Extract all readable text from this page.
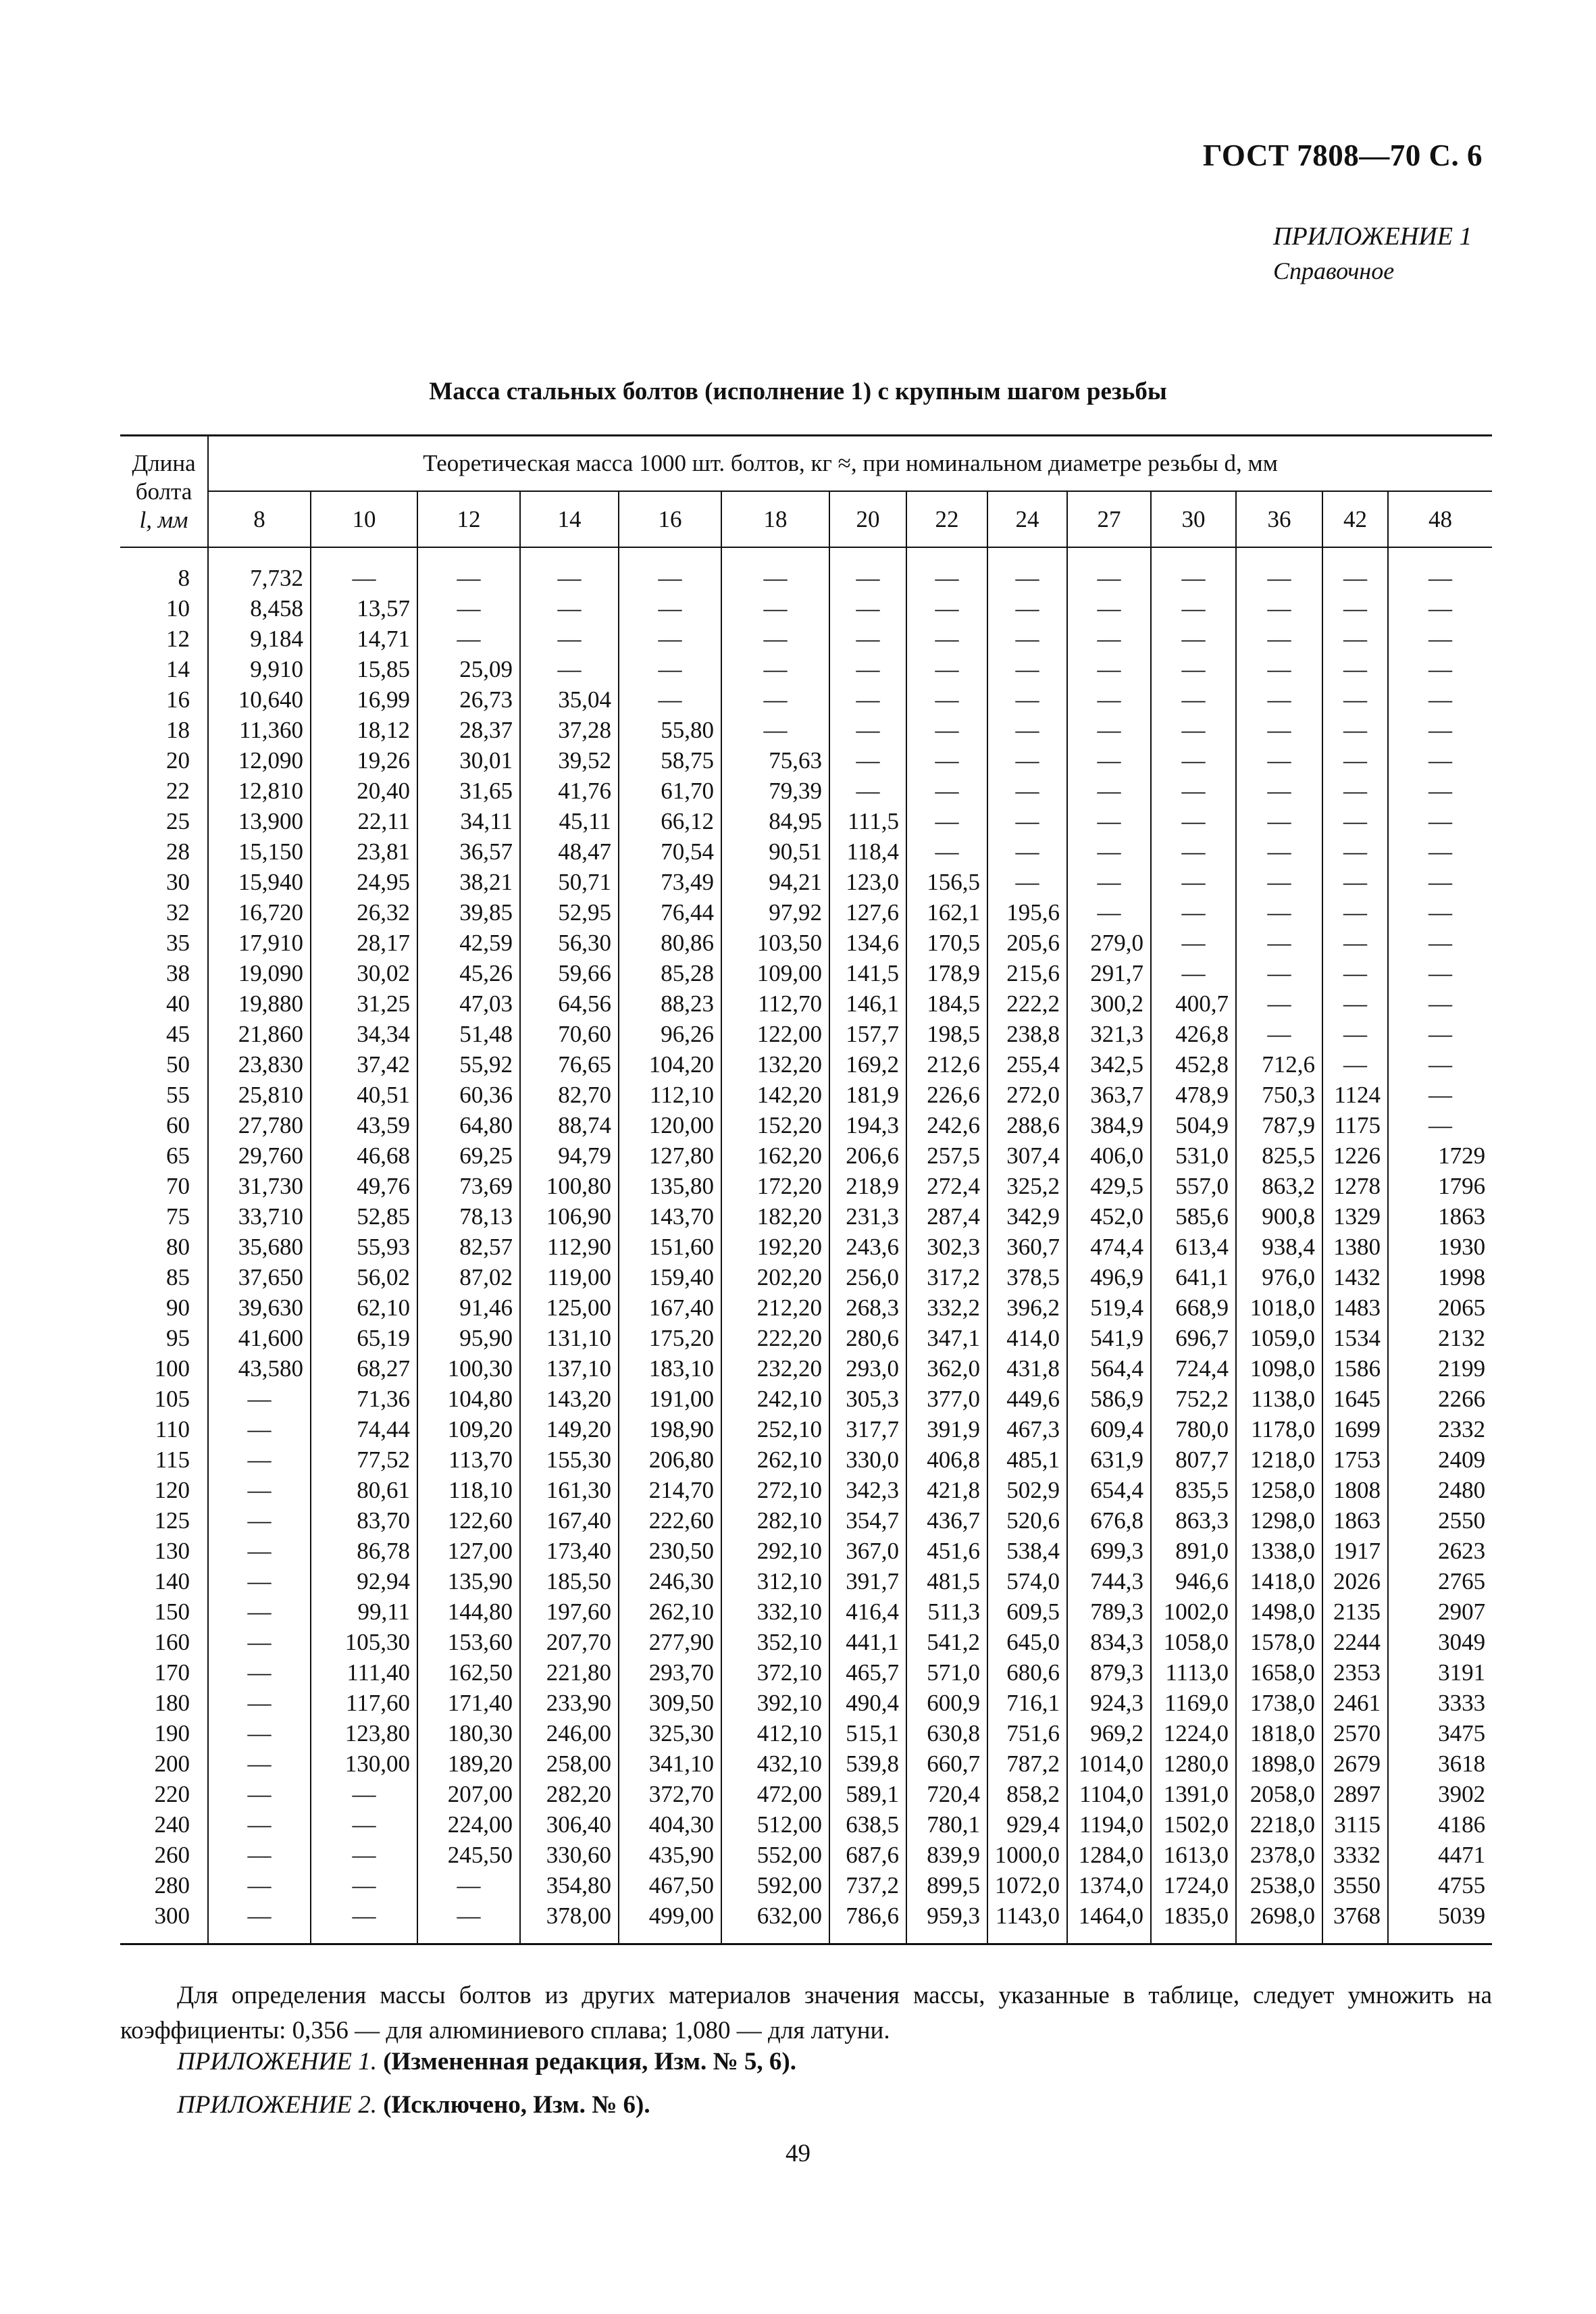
ГОСТ 7808—70 С. 6
ПРИЛОЖЕНИЕ 1
Справочное
Масса стальных болтов (исполнение 1) с крупным шагом резьбы
Длина
болта
l, мм	Теоретическая масса 1000 шт. болтов, кг ≈, при номинальном диаметре резьбы d, мм													
	8	10	12	14	16	18	20	22	24	27	30	36	42	48
8	7,732	—	—	—	—	—	—	—	—	—	—	—	—	—
10	8,458	13,57	—	—	—	—	—	—	—	—	—	—	—	—
12	9,184	14,71	—	—	—	—	—	—	—	—	—	—	—	—
14	9,910	15,85	25,09	—	—	—	—	—	—	—	—	—	—	—
16	10,640	16,99	26,73	35,04	—	—	—	—	—	—	—	—	—	—
18	11,360	18,12	28,37	37,28	55,80	—	—	—	—	—	—	—	—	—
20	12,090	19,26	30,01	39,52	58,75	75,63	—	—	—	—	—	—	—	—
22	12,810	20,40	31,65	41,76	61,70	79,39	—	—	—	—	—	—	—	—
25	13,900	22,11	34,11	45,11	66,12	84,95	111,5	—	—	—	—	—	—	—
28	15,150	23,81	36,57	48,47	70,54	90,51	118,4	—	—	—	—	—	—	—
30	15,940	24,95	38,21	50,71	73,49	94,21	123,0	156,5	—	—	—	—	—	—
32	16,720	26,32	39,85	52,95	76,44	97,92	127,6	162,1	195,6	—	—	—	—	—
35	17,910	28,17	42,59	56,30	80,86	103,50	134,6	170,5	205,6	279,0	—	—	—	—
38	19,090	30,02	45,26	59,66	85,28	109,00	141,5	178,9	215,6	291,7	—	—	—	—
40	19,880	31,25	47,03	64,56	88,23	112,70	146,1	184,5	222,2	300,2	400,7	—	—	—
45	21,860	34,34	51,48	70,60	96,26	122,00	157,7	198,5	238,8	321,3	426,8	—	—	—
50	23,830	37,42	55,92	76,65	104,20	132,20	169,2	212,6	255,4	342,5	452,8	712,6	—	—
55	25,810	40,51	60,36	82,70	112,10	142,20	181,9	226,6	272,0	363,7	478,9	750,3	1124	—
60	27,780	43,59	64,80	88,74	120,00	152,20	194,3	242,6	288,6	384,9	504,9	787,9	1175	—
65	29,760	46,68	69,25	94,79	127,80	162,20	206,6	257,5	307,4	406,0	531,0	825,5	1226	1729
70	31,730	49,76	73,69	100,80	135,80	172,20	218,9	272,4	325,2	429,5	557,0	863,2	1278	1796
75	33,710	52,85	78,13	106,90	143,70	182,20	231,3	287,4	342,9	452,0	585,6	900,8	1329	1863
80	35,680	55,93	82,57	112,90	151,60	192,20	243,6	302,3	360,7	474,4	613,4	938,4	1380	1930
85	37,650	56,02	87,02	119,00	159,40	202,20	256,0	317,2	378,5	496,9	641,1	976,0	1432	1998
90	39,630	62,10	91,46	125,00	167,40	212,20	268,3	332,2	396,2	519,4	668,9	1018,0	1483	2065
95	41,600	65,19	95,90	131,10	175,20	222,20	280,6	347,1	414,0	541,9	696,7	1059,0	1534	2132
100	43,580	68,27	100,30	137,10	183,10	232,20	293,0	362,0	431,8	564,4	724,4	1098,0	1586	2199
105	—	71,36	104,80	143,20	191,00	242,10	305,3	377,0	449,6	586,9	752,2	1138,0	1645	2266
110	—	74,44	109,20	149,20	198,90	252,10	317,7	391,9	467,3	609,4	780,0	1178,0	1699	2332
115	—	77,52	113,70	155,30	206,80	262,10	330,0	406,8	485,1	631,9	807,7	1218,0	1753	2409
120	—	80,61	118,10	161,30	214,70	272,10	342,3	421,8	502,9	654,4	835,5	1258,0	1808	2480
125	—	83,70	122,60	167,40	222,60	282,10	354,7	436,7	520,6	676,8	863,3	1298,0	1863	2550
130	—	86,78	127,00	173,40	230,50	292,10	367,0	451,6	538,4	699,3	891,0	1338,0	1917	2623
140	—	92,94	135,90	185,50	246,30	312,10	391,7	481,5	574,0	744,3	946,6	1418,0	2026	2765
150	—	99,11	144,80	197,60	262,10	332,10	416,4	511,3	609,5	789,3	1002,0	1498,0	2135	2907
160	—	105,30	153,60	207,70	277,90	352,10	441,1	541,2	645,0	834,3	1058,0	1578,0	2244	3049
170	—	111,40	162,50	221,80	293,70	372,10	465,7	571,0	680,6	879,3	1113,0	1658,0	2353	3191
180	—	117,60	171,40	233,90	309,50	392,10	490,4	600,9	716,1	924,3	1169,0	1738,0	2461	3333
190	—	123,80	180,30	246,00	325,30	412,10	515,1	630,8	751,6	969,2	1224,0	1818,0	2570	3475
200	—	130,00	189,20	258,00	341,10	432,10	539,8	660,7	787,2	1014,0	1280,0	1898,0	2679	3618
220	—	—	207,00	282,20	372,70	472,00	589,1	720,4	858,2	1104,0	1391,0	2058,0	2897	3902
240	—	—	224,00	306,40	404,30	512,00	638,5	780,1	929,4	1194,0	1502,0	2218,0	3115	4186
260	—	—	245,50	330,60	435,90	552,00	687,6	839,9	1000,0	1284,0	1613,0	2378,0	3332	4471
280	—	—	—	354,80	467,50	592,00	737,2	899,5	1072,0	1374,0	1724,0	2538,0	3550	4755
300	—	—	—	378,00	499,00	632,00	786,6	959,3	1143,0	1464,0	1835,0	2698,0	3768	5039
Для определения массы болтов из других материалов значения массы, указанные в таблице, следует умножить на коэффициенты: 0,356 — для алюминиевого сплава; 1,080 — для латуни.
ПРИЛОЖЕНИЕ 1. (Измененная редакция, Изм. № 5, 6).
ПРИЛОЖЕНИЕ 2. (Исключено, Изм. № 6).
49
